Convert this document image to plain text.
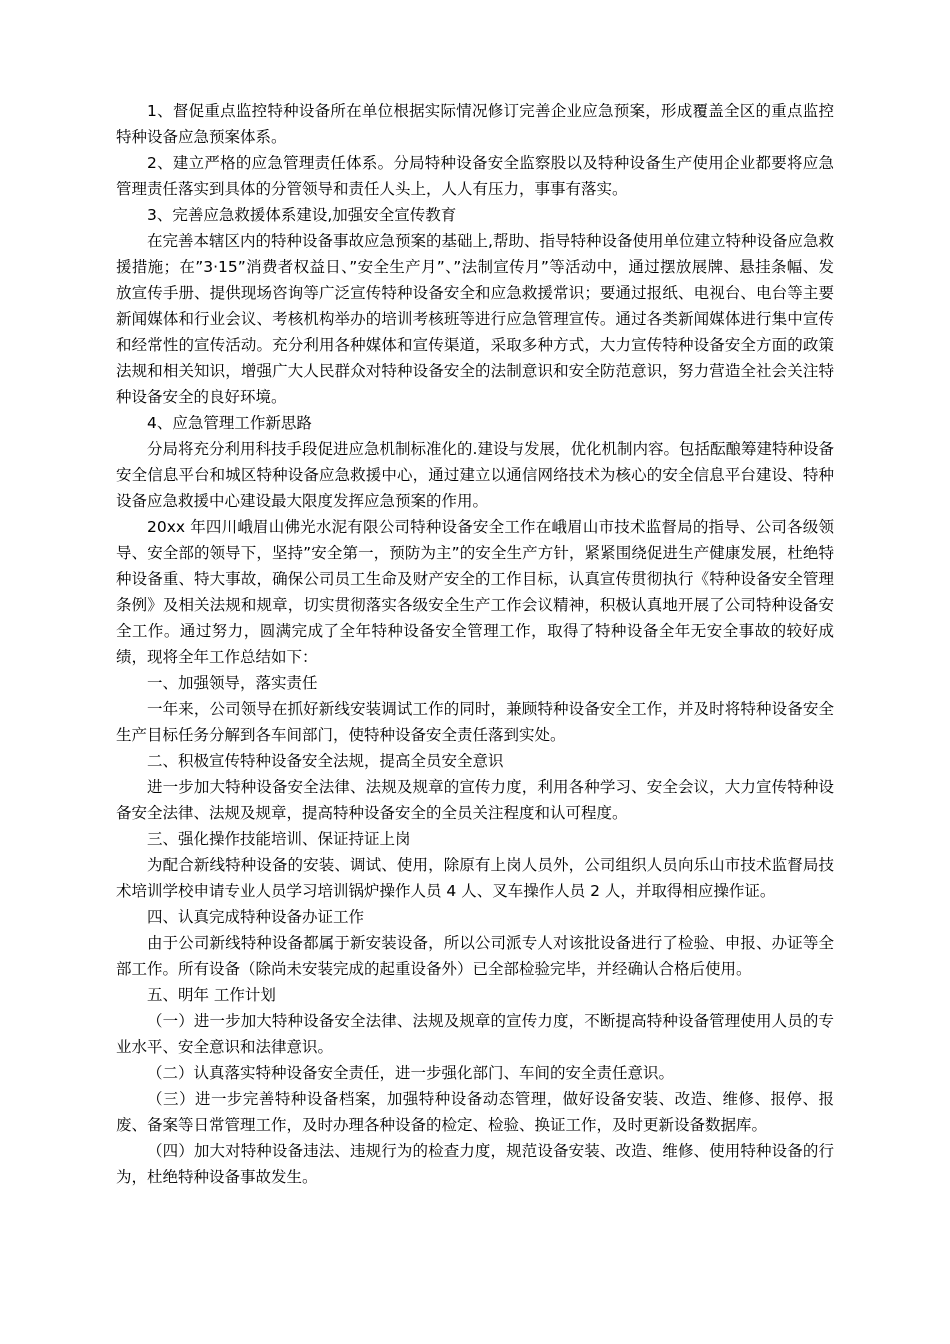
1、督促重点监控特种设备所在单位根据实际情况修订完善企业应急预案，形成覆盖全区的重点监控特种设备应急预案体系。

2、建立严格的应急管理责任体系。分局特种设备安全监察股以及特种设备生产使用企业都要将应急管理责任落实到具体的分管领导和责任人头上，人人有压力，事事有落实。

3、完善应急救援体系建设,加强安全宣传教育

在完善本辖区内的特种设备事故应急预案的基础上,帮助、指导特种设备使用单位建立特种设备应急救援措施；在”3·15”消费者权益日、”安全生产月”、”法制宣传月”等活动中，通过摆放展牌、悬挂条幅、发放宣传手册、提供现场咨询等广泛宣传特种设备安全和应急救援常识；要通过报纸、电视台、电台等主要新闻媒体和行业会议、考核机构举办的培训考核班等进行应急管理宣传。通过各类新闻媒体进行集中宣传和经常性的宣传活动。充分利用各种媒体和宣传渠道，采取多种方式，大力宣传特种设备安全方面的政策法规和相关知识，增强广大人民群众对特种设备安全的法制意识和安全防范意识，努力营造全社会关注特种设备安全的良好环境。

4、应急管理工作新思路

分局将充分利用科技手段促进应急机制标准化的.建设与发展，优化机制内容。包括酝酿筹建特种设备安全信息平台和城区特种设备应急救援中心，通过建立以通信网络技术为核心的安全信息平台建设、特种设备应急救援中心建设最大限度发挥应急预案的作用。

20xx 年四川峨眉山佛光水泥有限公司特种设备安全工作在峨眉山市技术监督局的指导、公司各级领导、安全部的领导下，坚持”安全第一，预防为主”的安全生产方针，紧紧围绕促进生产健康发展，杜绝特种设备重、特大事故，确保公司员工生命及财产安全的工作目标，认真宣传贯彻执行《特种设备安全管理条例》及相关法规和规章，切实贯彻落实各级安全生产工作会议精神，积极认真地开展了公司特种设备安全工作。通过努力，圆满完成了全年特种设备安全管理工作，取得了特种设备全年无安全事故的较好成绩，现将全年工作总结如下：

一、加强领导，落实责任

一年来，公司领导在抓好新线安装调试工作的同时，兼顾特种设备安全工作，并及时将特种设备安全生产目标任务分解到各车间部门，使特种设备安全责任落到实处。

二、积极宣传特种设备安全法规，提高全员安全意识

进一步加大特种设备安全法律、法规及规章的宣传力度，利用各种学习、安全会议，大力宣传特种设备安全法律、法规及规章，提高特种设备安全的全员关注程度和认可程度。

三、强化操作技能培训、保证持证上岗

为配合新线特种设备的安装、调试、使用，除原有上岗人员外，公司组织人员向乐山市技术监督局技术培训学校申请专业人员学习培训锅炉操作人员 4 人、叉车操作人员 2 人，并取得相应操作证。

四、认真完成特种设备办证工作

由于公司新线特种设备都属于新安装设备，所以公司派专人对该批设备进行了检验、申报、办证等全部工作。所有设备（除尚未安装完成的起重设备外）已全部检验完毕，并经确认合格后使用。

五、明年 工作计划

（一）进一步加大特种设备安全法律、法规及规章的宣传力度，不断提高特种设备管理使用人员的专业水平、安全意识和法律意识。

（二）认真落实特种设备安全责任，进一步强化部门、车间的安全责任意识。

（三）进一步完善特种设备档案，加强特种设备动态管理，做好设备安装、改造、维修、报停、报废、备案等日常管理工作，及时办理各种设备的检定、检验、换证工作，及时更新设备数据库。

（四）加大对特种设备违法、违规行为的检查力度，规范设备安装、改造、维修、使用特种设备的行为，杜绝特种设备事故发生。
